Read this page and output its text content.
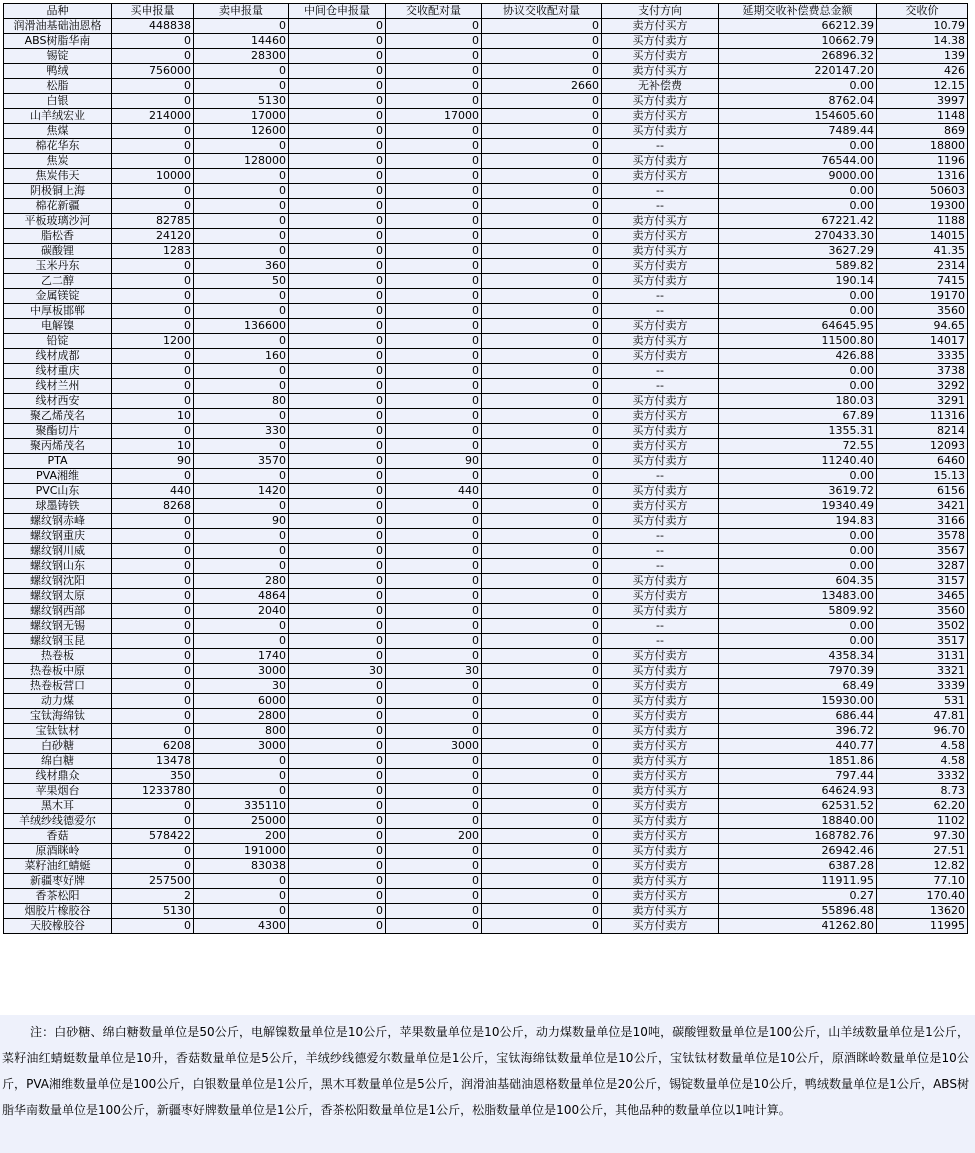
品种	买申报量	卖申报量	中间仓申报量	交收配对量	协议交收配对量	支付方向	延期交收补偿费总金额	交收价
润滑油基础油恩格	448838	0	0	0	0	卖方付买方	66212.39	10.79
ABS树脂华南	0	14460	0	0	0	买方付卖方	10662.79	14.38
锡锭	0	28300	0	0	0	买方付卖方	26896.32	139
鸭绒	756000	0	0	0	0	卖方付买方	220147.20	426
松脂	0	0	0	0	2660	无补偿费	0.00	12.15
白银	0	5130	0	0	0	买方付卖方	8762.04	3997
山羊绒宏业	214000	17000	0	17000	0	卖方付买方	154605.60	1148
焦煤	0	12600	0	0	0	买方付卖方	7489.44	869
棉花华东	0	0	0	0	0	--	0.00	18800
焦炭	0	128000	0	0	0	买方付卖方	76544.00	1196
焦炭伟天	10000	0	0	0	0	卖方付买方	9000.00	1316
阴极铜上海	0	0	0	0	0	--	0.00	50603
棉花新疆	0	0	0	0	0	--	0.00	19300
平板玻璃沙河	82785	0	0	0	0	卖方付买方	67221.42	1188
脂松香	24120	0	0	0	0	卖方付买方	270433.30	14015
碳酸锂	1283	0	0	0	0	卖方付买方	3627.29	41.35
玉米丹东	0	360	0	0	0	买方付卖方	589.82	2314
乙二醇	0	50	0	0	0	买方付卖方	190.14	7415
金属镁锭	0	0	0	0	0	--	0.00	19170
中厚板邯郸	0	0	0	0	0	--	0.00	3560
电解镍	0	136600	0	0	0	买方付卖方	64645.95	94.65
铅锭	1200	0	0	0	0	卖方付买方	11500.80	14017
线材成都	0	160	0	0	0	买方付卖方	426.88	3335
线材重庆	0	0	0	0	0	--	0.00	3738
线材兰州	0	0	0	0	0	--	0.00	3292
线材西安	0	80	0	0	0	买方付卖方	180.03	3291
聚乙烯茂名	10	0	0	0	0	卖方付买方	67.89	11316
聚酯切片	0	330	0	0	0	买方付卖方	1355.31	8214
聚丙烯茂名	10	0	0	0	0	卖方付买方	72.55	12093
PTA	90	3570	0	90	0	买方付卖方	11240.40	6460
PVA湘维	0	0	0	0	0	--	0.00	15.13
PVC山东	440	1420	0	440	0	买方付卖方	3619.72	6156
球墨铸铁	8268	0	0	0	0	卖方付买方	19340.49	3421
螺纹钢赤峰	0	90	0	0	0	买方付卖方	194.83	3166
螺纹钢重庆	0	0	0	0	0	--	0.00	3578
螺纹钢川威	0	0	0	0	0	--	0.00	3567
螺纹钢山东	0	0	0	0	0	--	0.00	3287
螺纹钢沈阳	0	280	0	0	0	买方付卖方	604.35	3157
螺纹钢太原	0	4864	0	0	0	买方付卖方	13483.00	3465
螺纹钢西部	0	2040	0	0	0	买方付卖方	5809.92	3560
螺纹钢无锡	0	0	0	0	0	--	0.00	3502
螺纹钢玉昆	0	0	0	0	0	--	0.00	3517
热卷板	0	1740	0	0	0	买方付卖方	4358.34	3131
热卷板中原	0	3000	30	30	0	买方付卖方	7970.39	3321
热卷板营口	0	30	0	0	0	买方付卖方	68.49	3339
动力煤	0	6000	0	0	0	买方付卖方	15930.00	531
宝钛海绵钛	0	2800	0	0	0	买方付卖方	686.44	47.81
宝钛钛材	0	800	0	0	0	买方付卖方	396.72	96.70
白砂糖	6208	3000	0	3000	0	卖方付买方	440.77	4.58
绵白糖	13478	0	0	0	0	卖方付买方	1851.86	4.58
线材鼎众	350	0	0	0	0	卖方付买方	797.44	3332
苹果烟台	1233780	0	0	0	0	卖方付买方	64624.93	8.73
黑木耳	0	335110	0	0	0	买方付卖方	62531.52	62.20
羊绒纱线德爱尔	0	25000	0	0	0	买方付卖方	18840.00	1102
香菇	578422	200	0	200	0	卖方付买方	168782.76	97.30
原酒眯岭	0	191000	0	0	0	买方付卖方	26942.46	27.51
菜籽油红蜻蜓	0	83038	0	0	0	买方付卖方	6387.28	12.82
新疆枣好牌	257500	0	0	0	0	卖方付买方	11911.95	77.10
香茶松阳	2	0	0	0	0	卖方付买方	0.27	170.40
烟胶片橡胶谷	5130	0	0	0	0	卖方付买方	55896.48	13620
天胶橡胶谷	0	4300	0	0	0	买方付卖方	41262.80	11995

注：白砂糖、绵白糖数量单位是50公斤，电解镍数量单位是10公斤，苹果数量单位是10公斤，动力煤数量单位是10吨，碳酸锂数量单位是100公斤，山羊绒数量单位是1公斤，菜籽油红蜻蜓数量单位是10升，香菇数量单位是5公斤，羊绒纱线德爱尔数量单位是1公斤，宝钛海绵钛数量单位是10公斤，宝钛钛材数量单位是10公斤，原酒眯岭数量单位是10公斤，PVA湘维数量单位是100公斤，白银数量单位是1公斤，黑木耳数量单位是5公斤，润滑油基础油恩格数量单位是20公斤，锡锭数量单位是10公斤，鸭绒数量单位是1公斤，ABS树脂华南数量单位是100公斤，新疆枣好牌数量单位是1公斤，香茶松阳数量单位是1公斤，松脂数量单位是100公斤，其他品种的数量单位以1吨计算。
